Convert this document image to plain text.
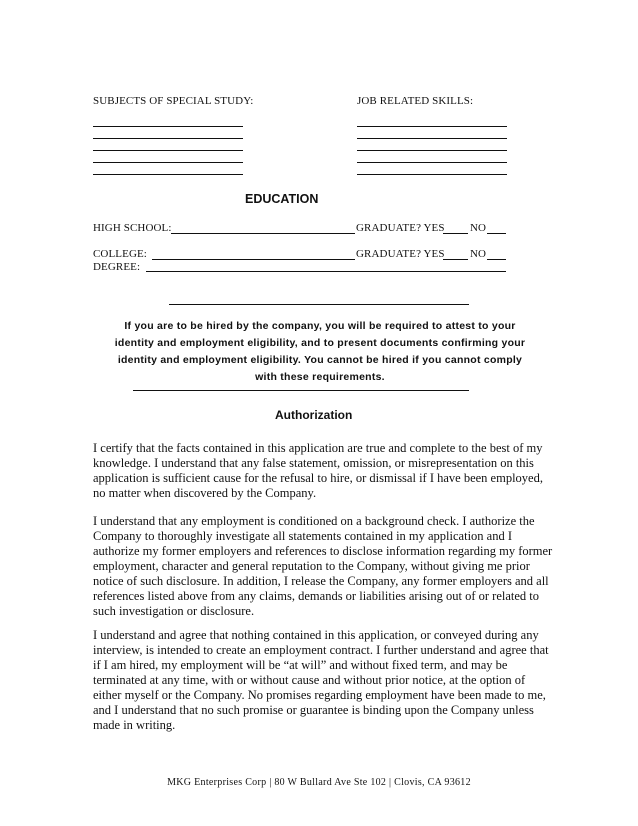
SUBJECTS OF SPECIAL STUDY:	JOB RELATED SKILLS:
EDUCATION
HIGH SCHOOL:	GRADUATE? YES NO
COLLEGE:	GRADUATE? YES NO
DEGREE:
If you are to be hired by the company, you will be required to attest to your
identity and employment eligibility, and to present documents confirming your
identity and employment eligibility. You cannot be hired if you cannot comply
with these requirements.
Authorization

I certify that the facts contained in this application are true and complete to the best of my knowledge. I understand that any false statement, omission, or misrepresentation on this application is sufficient cause for the refusal to hire, or dismissal if I have been employed, no matter when discovered by the Company.

I understand that any employment is conditioned on a background check. I authorize the Company to thoroughly investigate all statements contained in my application and I authorize my former employers and references to disclose information regarding my former employment, character and general reputation to the Company, without giving me prior notice of such disclosure. In addition, I release the Company, any former employers and all references listed above from any claims, demands or liabilities arising out of or related to such investigation or disclosure.

I understand and agree that nothing contained in this application, or conveyed during any interview, is intended to create an employment contract. I further understand and agree that if I am hired, my employment will be “at will” and without fixed term, and may be terminated at any time, with or without cause and without prior notice, at the option of either myself or the Company. No promises regarding employment have been made to me, and I understand that no such promise or guarantee is binding upon the Company unless made in writing.

MKG Enterprises Corp | 80 W Bullard Ave Ste 102 | Clovis, CA 93612
